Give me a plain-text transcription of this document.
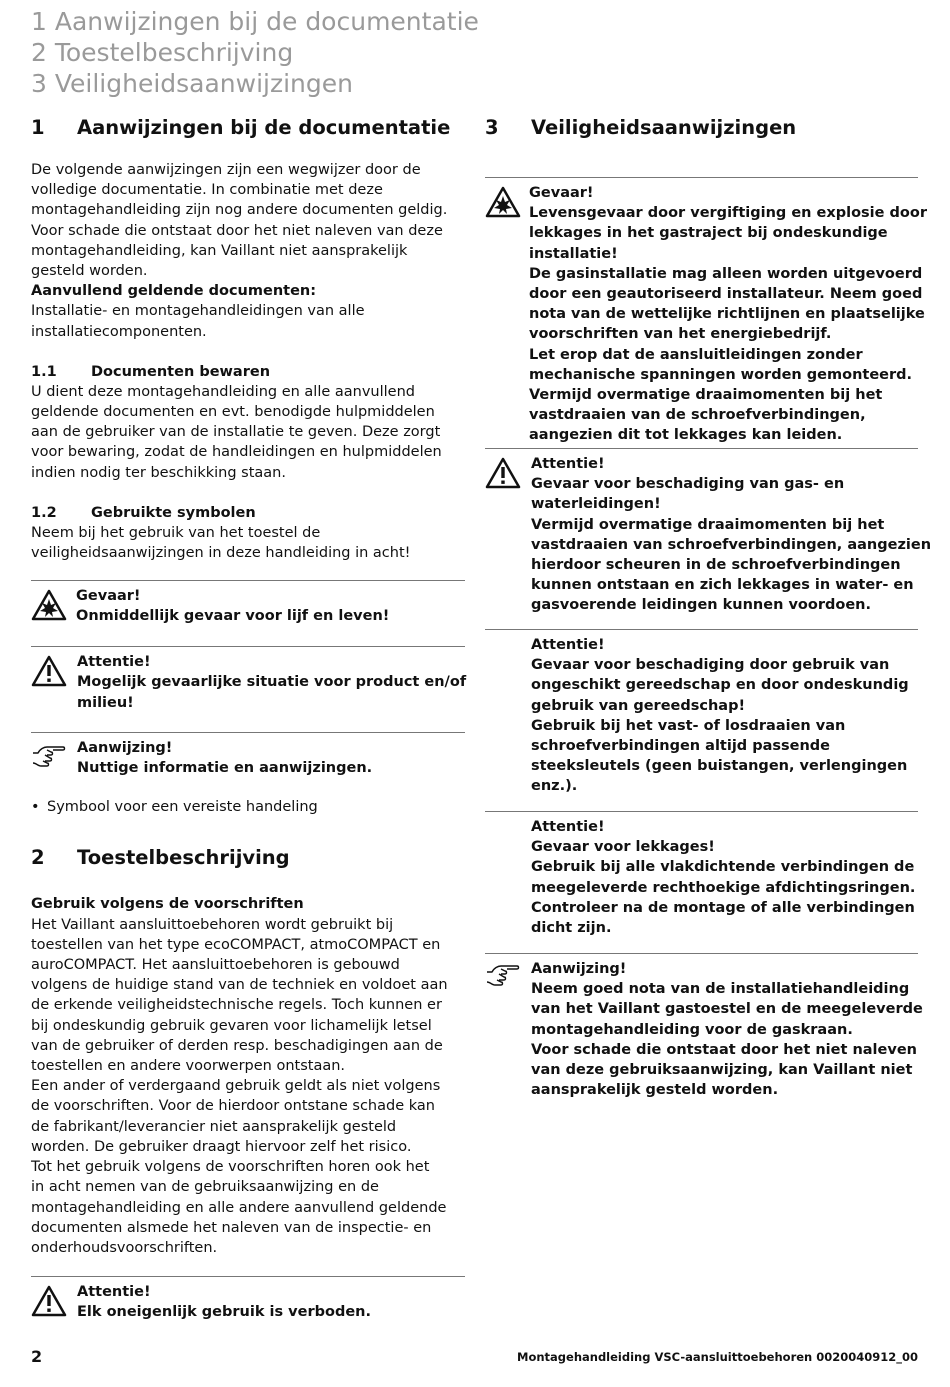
1 Aanwijzingen bij de documentatie
2 Toestelbeschrijving
3 Veiligheidsaanwijzingen
1	Aanwijzingen bij de documentatie
De volgende aanwijzingen zijn een wegwijzer door de
volledige documentatie. In combinatie met deze
montagehandleiding zijn nog andere documenten geldig.
Voor schade die ontstaat door het niet naleven van deze
montagehandleiding, kan Vaillant niet aansprakelijk
gesteld worden.
Aanvullend geldende documenten:
Installatie- en montagehandleidingen van alle
installatiecomponenten.
1.1	Documenten bewaren
U dient deze montagehandleiding en alle aanvullend
geldende documenten en evt. benodigde hulpmiddelen
aan de gebruiker van de installatie te geven. Deze zorgt
voor bewaring, zodat de handleidingen en hulpmiddelen
indien nodig ter beschikking staan.
1.2	Gebruikte symbolen
Neem bij het gebruik van het toestel de
veiligheidsaanwijzingen in deze handleiding in acht!
Gevaar!
Onmiddellijk gevaar voor lijf en leven!
Attentie!
Mogelijk gevaarlijke situatie voor product en/of
milieu!
Aanwijzing!
Nuttige informatie en aanwijzingen.
• Symbool voor een vereiste handeling
2	Toestelbeschrijving
Gebruik volgens de voorschriften
Het Vaillant aansluittoebehoren wordt gebruikt bij
toestellen van het type ecoCOMPACT, atmoCOMPACT en
auroCOMPACT. Het aansluittoebehoren is gebouwd
volgens de huidige stand van de techniek en voldoet aan
de erkende veiligheidstechnische regels. Toch kunnen er
bij ondeskundig gebruik gevaren voor lichamelijk letsel
van de gebruiker of derden resp. beschadigingen aan de
toestellen en andere voorwerpen ontstaan.
Een ander of verdergaand gebruik geldt als niet volgens
de voorschriften. Voor de hierdoor ontstane schade kan
de fabrikant/leverancier niet aansprakelijk gesteld
worden. De gebruiker draagt hiervoor zelf het risico.
Tot het gebruik volgens de voorschriften horen ook het
in acht nemen van de gebruiksaanwijzing en de
montagehandleiding en alle andere aanvullend geldende
documenten alsmede het naleven van de inspectie- en
onderhoudsvoorschriften.
Attentie!
Elk oneigenlijk gebruik is verboden.
3	Veiligheidsaanwijzingen
Gevaar!
Levensgevaar door vergiftiging en explosie door
lekkages in het gastraject bij ondeskundige
installatie!
De gasinstallatie mag alleen worden uitgevoerd
door een geautoriseerd installateur. Neem goed
nota van de wettelijke richtlijnen en plaatselijke
voorschriften van het energiebedrijf.
Let erop dat de aansluitleidingen zonder
mechanische spanningen worden gemonteerd.
Vermijd overmatige draaimomenten bij het
vastdraaien van de schroefverbindingen,
aangezien dit tot lekkages kan leiden.
Attentie!
Gevaar voor beschadiging van gas- en
waterleidingen!
Vermijd overmatige draaimomenten bij het
vastdraaien van schroefverbindingen, aangezien
hierdoor scheuren in de schroefverbindingen
kunnen ontstaan en zich lekkages in water- en
gasvoerende leidingen kunnen voordoen.
Attentie!
Gevaar voor beschadiging door gebruik van
ongeschikt gereedschap en door ondeskundig
gebruik van gereedschap!
Gebruik bij het vast- of losdraaien van
schroefverbindingen altijd passende
steeksleutels (geen buistangen, verlengingen
enz.).
Attentie!
Gevaar voor lekkages!
Gebruik bij alle vlakdichtende verbindingen de
meegeleverde rechthoekige afdichtingsringen.
Controleer na de montage of alle verbindingen
dicht zijn.
Aanwijzing!
Neem goed nota van de installatiehandleiding
van het Vaillant gastoestel en de meegeleverde
montagehandleiding voor de gaskraan.
Voor schade die ontstaat door het niet naleven
van deze gebruiksaanwijzing, kan Vaillant niet
aansprakelijk gesteld worden.
2	Montagehandleiding VSC-aansluittoebehoren 0020040912_00
